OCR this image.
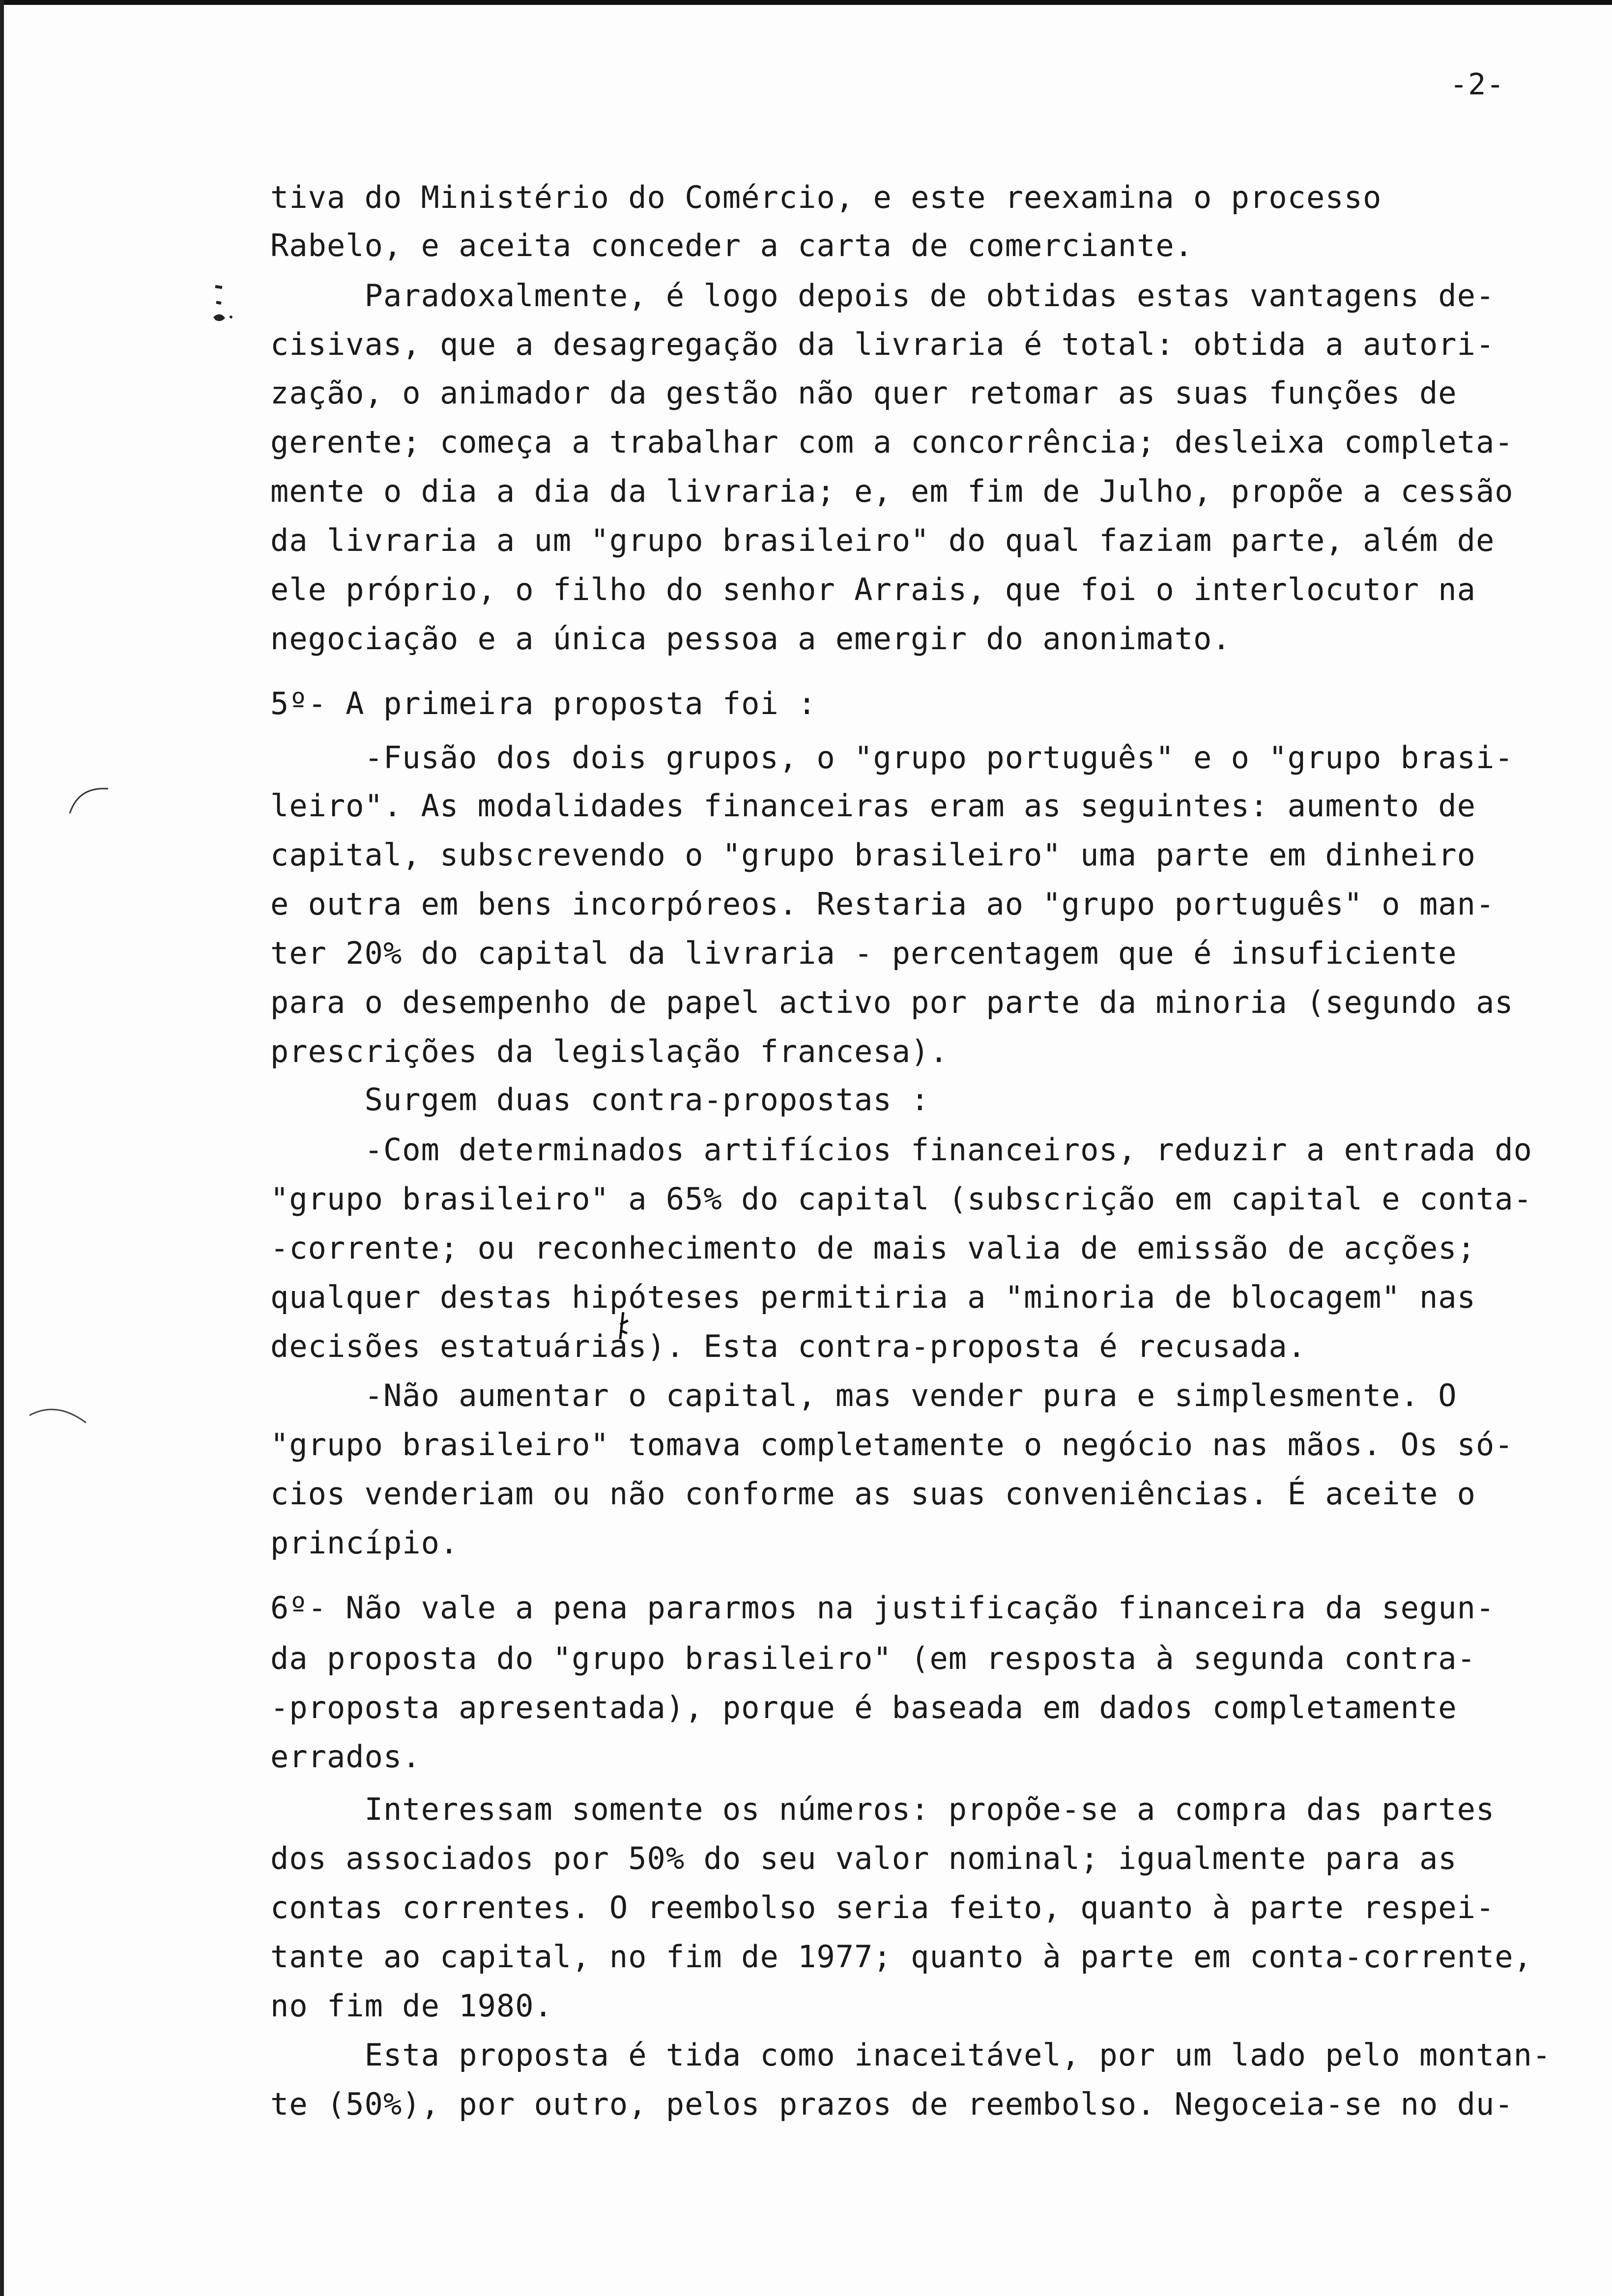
-2-
tiva do Ministério do Comércio, e este reexamina o processo
Rabelo, e aceita conceder a carta de comerciante.
Paradoxalmente, é logo depois de obtidas estas vantagens de-
cisivas, que a desagregação da livraria é total: obtida a autori-
zação, o animador da gestão não quer retomar as suas funções de
gerente; começa a trabalhar com a concorrência; desleixa completa-
mente o dia a dia da livraria; e, em fim de Julho, propõe a cessão
da livraria a um "grupo brasileiro" do qual faziam parte, além de
ele próprio, o filho do senhor Arrais, que foi o interlocutor na
negociação e a única pessoa a emergir do anonimato.
5º- A primeira proposta foi :
-Fusão dos dois grupos, o "grupo português" e o "grupo brasi-
leiro". As modalidades financeiras eram as seguintes: aumento de
capital, subscrevendo o "grupo brasileiro" uma parte em dinheiro
e outra em bens incorpóreos. Restaria ao "grupo português" o man-
ter 20% do capital da livraria - percentagem que é insuficiente
para o desempenho de papel activo por parte da minoria (segundo as
prescrições da legislação francesa).
Surgem duas contra-propostas :
-Com determinados artifícios financeiros, reduzir a entrada do
"grupo brasileiro" a 65% do capital (subscrição em capital e conta-
-corrente; ou reconhecimento de mais valia de emissão de acções;
qualquer destas hipóteses permitiria a "minoria de blocagem" nas
decisões estatuárias). Esta contra-proposta é recusada.
-Não aumentar o capital, mas vender pura e simplesmente. O
"grupo brasileiro" tomava completamente o negócio nas mãos. Os só-
cios venderiam ou não conforme as suas conveniências. É aceite o
princípio.
6º- Não vale a pena pararmos na justificação financeira da segun-
da proposta do "grupo brasileiro" (em resposta à segunda contra-
-proposta apresentada), porque é baseada em dados completamente
errados.
Interessam somente os números: propõe-se a compra das partes
dos associados por 50% do seu valor nominal; igualmente para as
contas correntes. O reembolso seria feito, quanto à parte respei-
tante ao capital, no fim de 1977; quanto à parte em conta-corrente,
no fim de 1980.
Esta proposta é tida como inaceitável, por um lado pelo montan-
te (50%), por outro, pelos prazos de reembolso. Negoceia-se no du-
